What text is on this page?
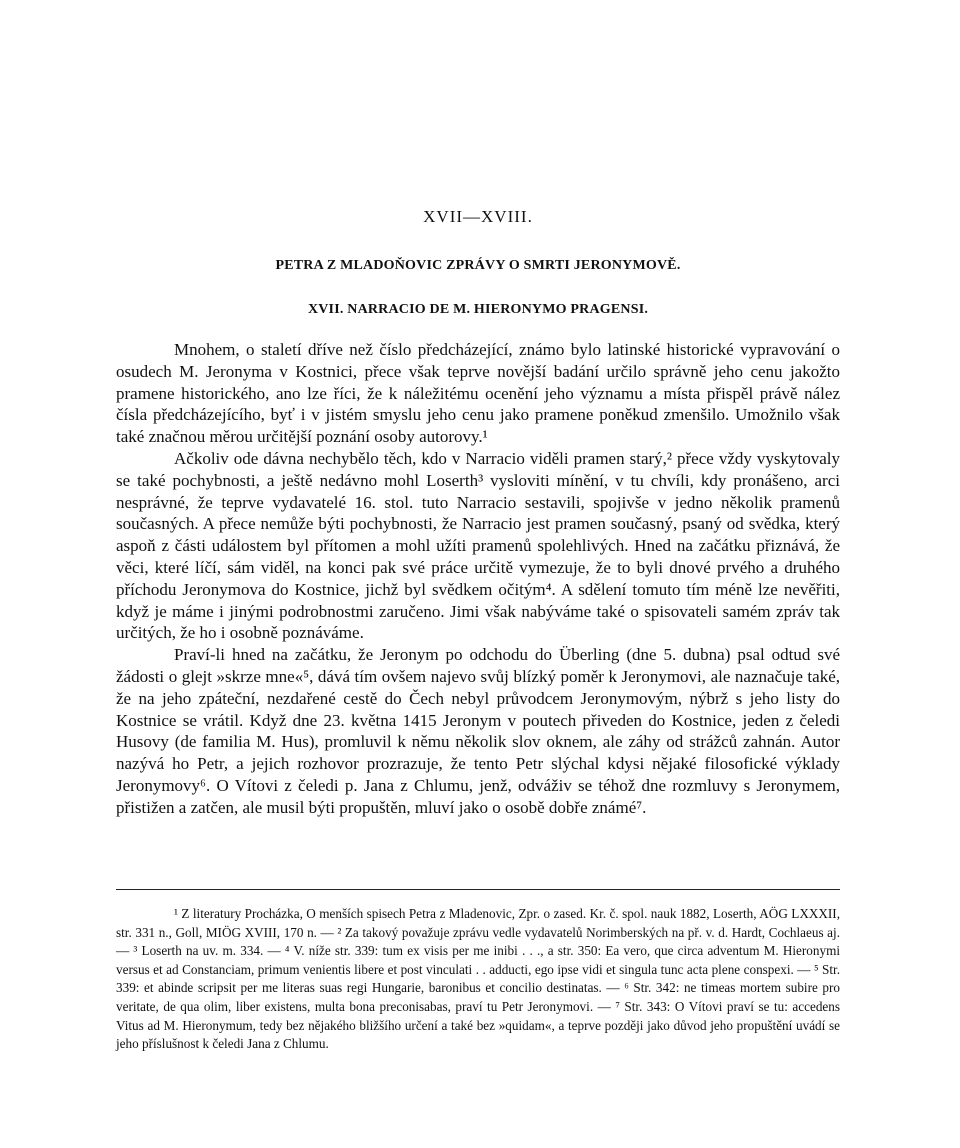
XVII—XVIII.
PETRA Z MLADOŇOVIC ZPRÁVY O SMRTI JERONYMOVĚ.
XVII. NARRACIO DE M. HIERONYMO PRAGENSI.

Mnohem, o staletí dříve než číslo předcházející, známo bylo latinské historické vypravování o osudech M. Jeronyma v Kostnici, přece však teprve novější badání určilo správně jeho cenu jakožto pramene historického, ano lze říci, že k náležitému ocenění jeho významu a místa přispěl právě nález čísla předcházejícího, byť i v jistém smyslu jeho cenu jako pramene poněkud zmenšilo. Umožnilo však také značnou měrou určitější poznání osoby autorovy.¹

Ačkoliv ode dávna nechybělo těch, kdo v Narracio viděli pramen starý,² přece vždy vyskytovaly se také pochybnosti, a ještě nedávno mohl Loserth³ vysloviti mínění, v tu chvíli, kdy pronášeno, arci nesprávné, že teprve vydavatelé 16. stol. tuto Narracio sestavili, spojivše v jedno několik pramenů současných. A přece nemůže býti pochybnosti, že Narracio jest pramen současný, psaný od svědka, který aspoň z části událostem byl přítomen a mohl užíti pramenů spolehlivých. Hned na začátku přiznává, že věci, které líčí, sám viděl, na konci pak své práce určitě vymezuje, že to byli dnové prvého a druhého příchodu Jeronymova do Kostnice, jichž byl svědkem očitým⁴. A sdělení tomuto tím méně lze nevěřiti, když je máme i jinými podrobnostmi zaručeno. Jimi však nabýváme také o spisovateli samém zpráv tak určitých, že ho i osobně poznáváme.

Praví-li hned na začátku, že Jeronym po odchodu do Überling (dne 5. dubna) psal odtud své žádosti o glejt »skrze mne«⁵, dává tím ovšem najevo svůj blízký poměr k Jeronymovi, ale naznačuje také, že na jeho zpáteční, nezdařené cestě do Čech nebyl průvodcem Jeronymovým, nýbrž s jeho listy do Kostnice se vrátil. Když dne 23. května 1415 Jeronym v poutech přiveden do Kostnice, jeden z čeledi Husovy (de familia M. Hus), promluvil k němu několik slov oknem, ale záhy od strážců zahnán. Autor nazývá ho Petr, a jejich rozhovor prozrazuje, že tento Petr slýchal kdysi nějaké filosofické výklady Jeronymovy⁶. O Vítovi z čeledi p. Jana z Chlumu, jenž, odváživ se téhož dne rozmluvy s Jeronymem, přistižen a zatčen, ale musil býti propuštěn, mluví jako o osobě dobře známé⁷.

¹ Z literatury Procházka, O menších spisech Petra z Mladenovic, Zpr. o zased. Kr. č. spol. nauk 1882, Loserth, AÖG LXXXII, str. 331 n., Goll, MIÖG XVIII, 170 n. — ² Za takový považuje zprávu vedle vydavatelů Norimberských na př. v. d. Hardt, Cochlaeus aj. — ³ Loserth na uv. m. 334. — ⁴ V. níže str. 339: tum ex visis per me inibi . . ., a str. 350: Ea vero, que circa adventum M. Hieronymi versus et ad Constanciam, primum venientis libere et post vinculati . . adducti, ego ipse vidi et singula tunc acta plene conspexi. — ⁵ Str. 339: et abinde scripsit per me literas suas regi Hungarie, baronibus et concilio destinatas. — ⁶ Str. 342: ne timeas mortem subire pro veritate, de qua olim, liber existens, multa bona preconisabas, praví tu Petr Jeronymovi. — ⁷ Str. 343: O Vítovi praví se tu: accedens Vitus ad M. Hieronymum, tedy bez nějakého bližšího určení a také bez »quidam«, a teprve později jako důvod jeho propuštění uvádí se jeho příslušnost k čeledi Jana z Chlumu.
